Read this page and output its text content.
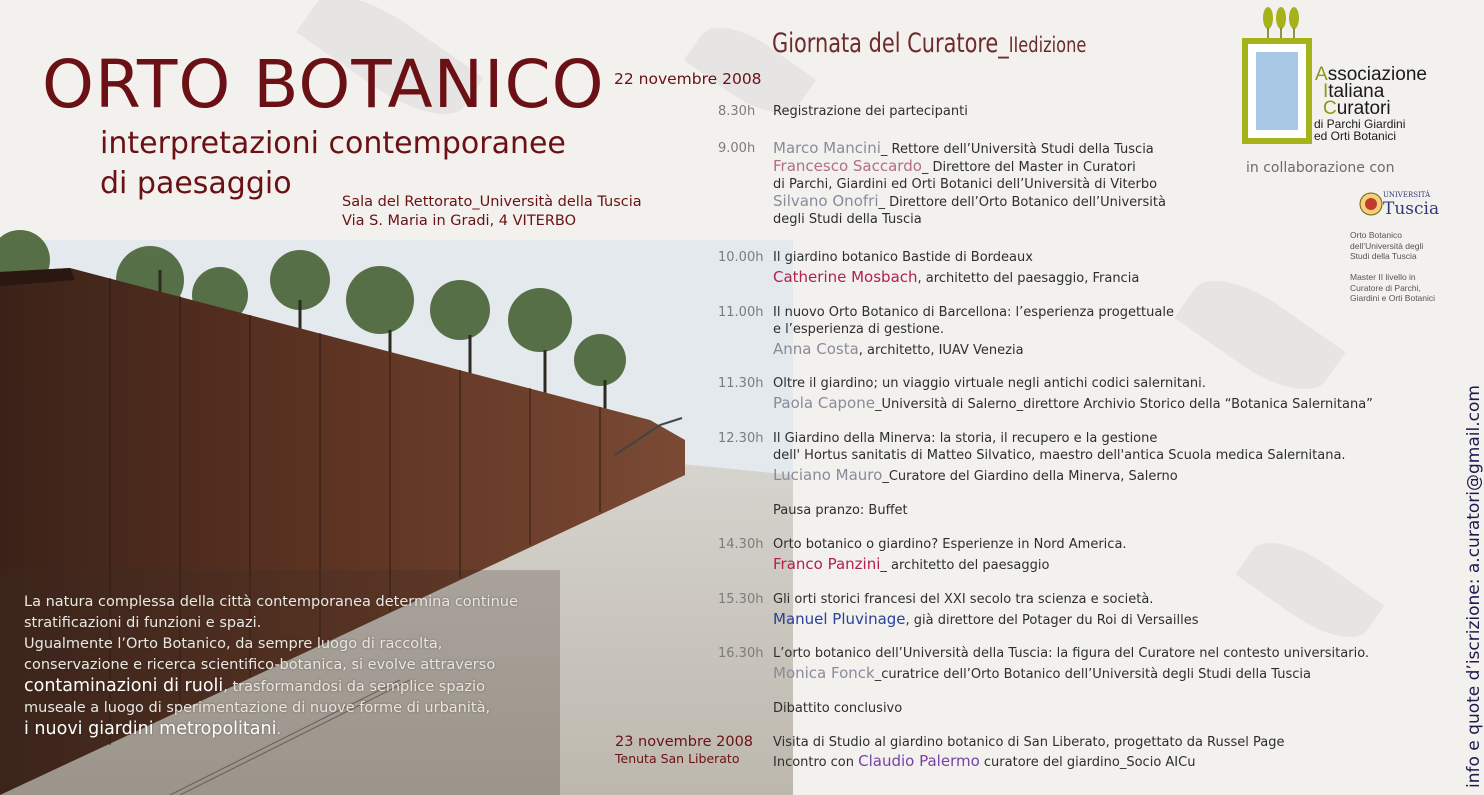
ORTO BOTANICO
interpretazioni contemporanee
di paesaggio
22 novembre 2008
Sala del Rettorato_Università della Tuscia
Via S. Maria in Gradi, 4 VITERBO
Giornata del Curatore_IIedizione
La natura complessa della città contemporanea determina continue
stratificazioni di funzioni e spazi.
Ugualmente l’Orto Botanico, da sempre luogo di raccolta,
conservazione e ricerca scientifico-botanica, si evolve attraverso
contaminazioni di ruoli, trasformandosi da semplice spazio
museale a luogo di sperimentazione di nuove forme di urbanità,
i nuovi giardini metropolitani.
8.30h	Registrazione dei partecipanti
9.00h	Marco Mancini_ Rettore dell’Università Studi della Tuscia
Francesco Saccardo_ Direttore del Master in Curatori
di Parchi, Giardini ed Orti Botanici dell’Università di Viterbo
Silvano Onofri_ Direttore dell’Orto Botanico dell’Università
degli Studi della Tuscia
10.00h Il giardino botanico Bastide di Bordeaux
Catherine Mosbach, architetto del paesaggio, Francia
11.00h Il nuovo Orto Botanico di Barcellona: l’esperienza progettuale
e l’esperienza di gestione.
Anna Costa, architetto, IUAV Venezia
11.30h Oltre il giardino; un viaggio virtuale negli antichi codici salernitani.
Paola Capone_Università di Salerno_direttore Archivio Storico della “Botanica Salernitana”
12.30h Il Giardino della Minerva: la storia, il recupero e la gestione
dell' Hortus sanitatis di Matteo Silvatico, maestro dell'antica Scuola medica Salernitana.
Luciano Mauro_Curatore del Giardino della Minerva, Salerno
Pausa pranzo: Buffet
14.30h Orto botanico o giardino? Esperienze in Nord America.
Franco Panzini_ architetto del paesaggio
15.30h Gli orti storici francesi del XXI secolo tra scienza e società.
Manuel Pluvinage, già direttore del Potager du Roi di Versailles
16.30h L’orto botanico dell’Università della Tuscia: la figura del Curatore nel contesto universitario.
Monica Fonck_curatrice dell’Orto Botanico dell’Università degli Studi della Tuscia
Dibattito conclusivo
23 novembre 2008
Tenuta San Liberato
Visita di Studio al giardino botanico di San Liberato, progettato da Russel Page
Incontro con Claudio Palermo curatore del giardino_Socio AICu
Associazione
Italiana
Curatori
di Parchi Giardini
ed Orti Botanici
in collaborazione con
UNIVERSITÀ
Tuscia
Orto Botanico
dell’Università degli
Studi della Tuscia
Master II livello in
Curatore di Parchi,
Giardini e Orti Botanici
info e quote d’iscrizione: a.curatori@gmail.com
